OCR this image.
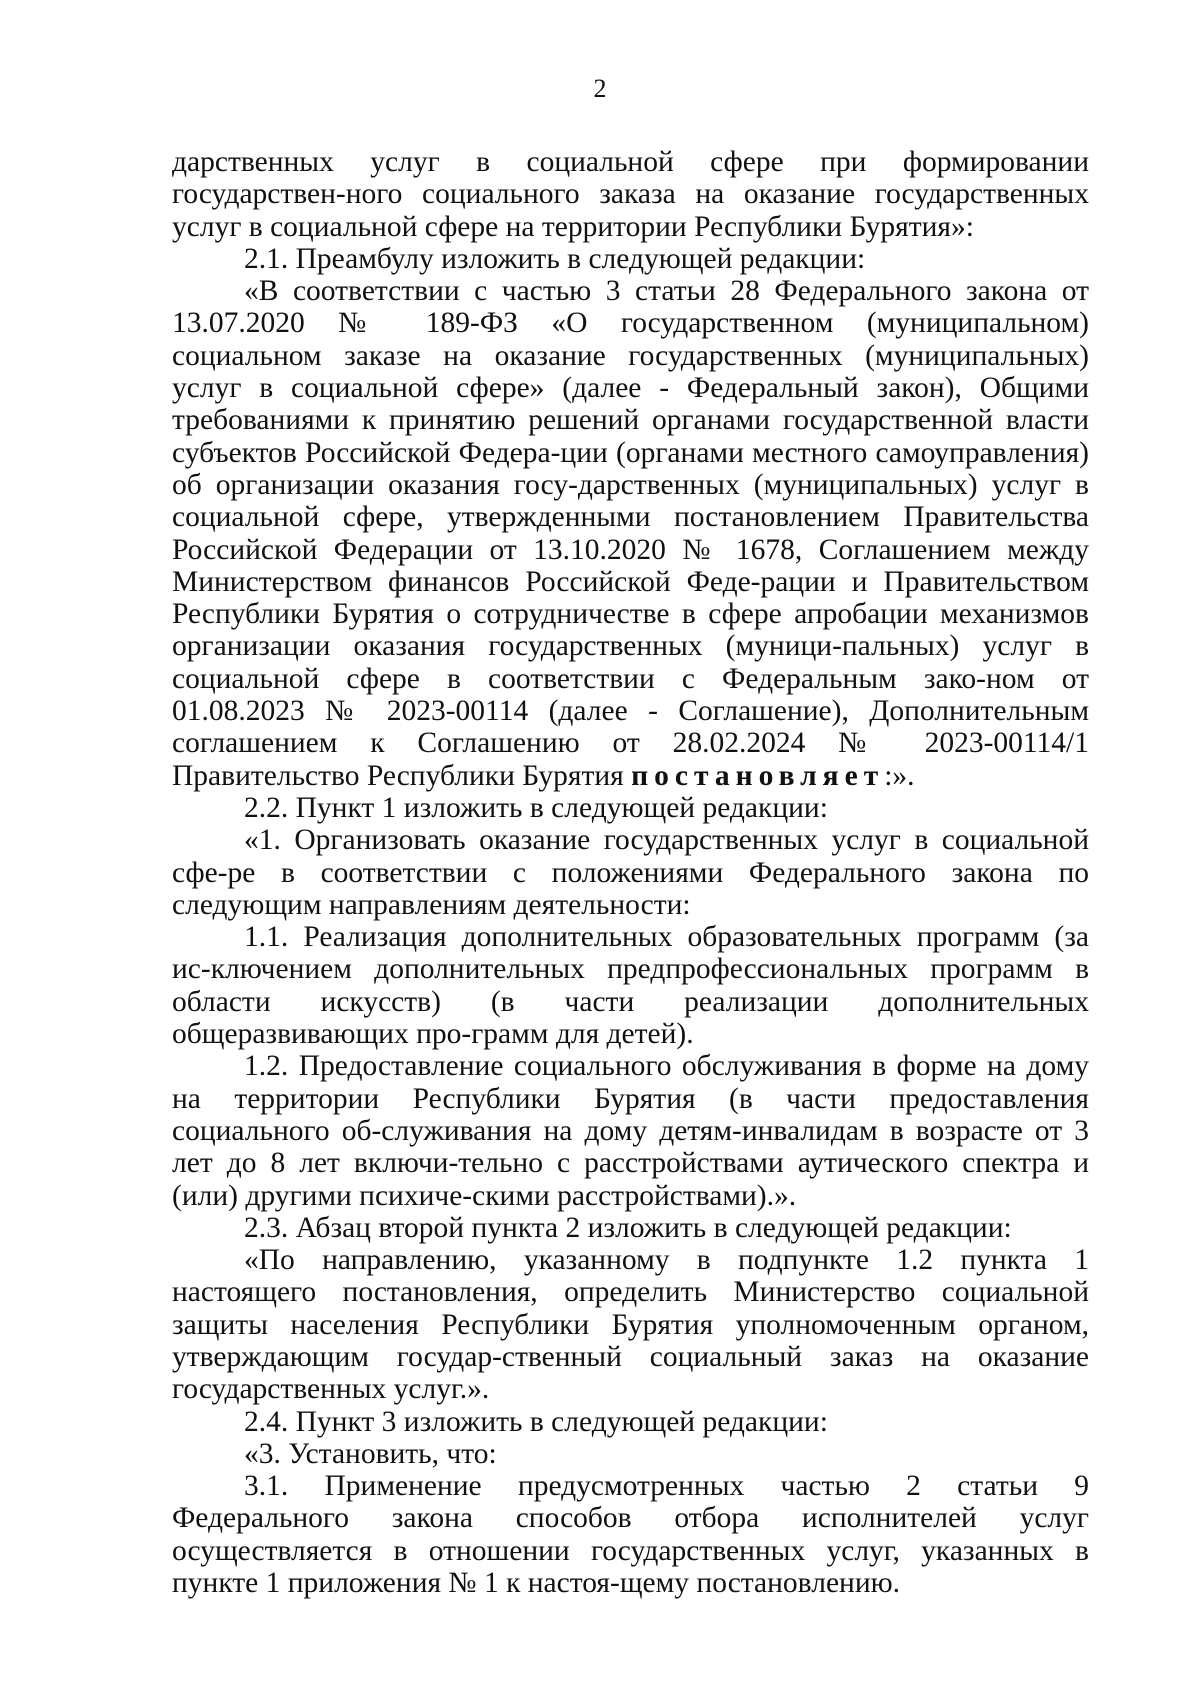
2

дарственных услуг в социальной сфере при формировании государствен-ного социального заказа на оказание государственных услуг в социальной сфере на территории Республики Бурятия»:

2.1. Преамбулу изложить в следующей редакции:

«В соответствии с частью 3 статьи 28 Федерального закона от 13.07.2020 № 189-ФЗ «О государственном (муниципальном) социальном заказе на оказание государственных (муниципальных) услуг в социальной сфере» (далее - Федеральный закон), Общими требованиями к принятию решений органами государственной власти субъектов Российской Федера-ции (органами местного самоуправления) об организации оказания госу-дарственных (муниципальных) услуг в социальной сфере, утвержденными постановлением Правительства Российской Федерации от 13.10.2020 № 1678, Соглашением между Министерством финансов Российской Феде-рации и Правительством Республики Бурятия о сотрудничестве в сфере апробации механизмов организации оказания государственных (муници-пальных) услуг в социальной сфере в соответствии с Федеральным зако-ном от 01.08.2023 № 2023-00114 (далее - Соглашение), Дополнительным соглашением к Соглашению от 28.02.2024 № 2023-00114/1 Правительство Республики Бурятия постановляет:».

2.2. Пункт 1 изложить в следующей редакции:

«1. Организовать оказание государственных услуг в социальной сфе-ре в соответствии с положениями Федерального закона по следующим направлениям деятельности:

1.1. Реализация дополнительных образовательных программ (за ис-ключением дополнительных предпрофессиональных программ в области искусств) (в части реализации дополнительных общеразвивающих про-грамм для детей).

1.2. Предоставление социального обслуживания в форме на дому на территории Республики Бурятия (в части предоставления социального об-служивания на дому детям-инвалидам в возрасте от 3 лет до 8 лет включи-тельно с расстройствами аутического спектра и (или) другими психиче-скими расстройствами).».

2.3. Абзац второй пункта 2 изложить в следующей редакции:

«По направлению, указанному в подпункте 1.2 пункта 1 настоящего постановления, определить Министерство социальной защиты населения Республики Бурятия уполномоченным органом, утверждающим государ-ственный социальный заказ на оказание государственных услуг.».

2.4. Пункт 3 изложить в следующей редакции:

«3. Установить, что:

3.1. Применение предусмотренных частью 2 статьи 9 Федерального закона способов отбора исполнителей услуг осуществляется в отношении государственных услуг, указанных в пункте 1 приложения № 1 к настоя-щему постановлению.
